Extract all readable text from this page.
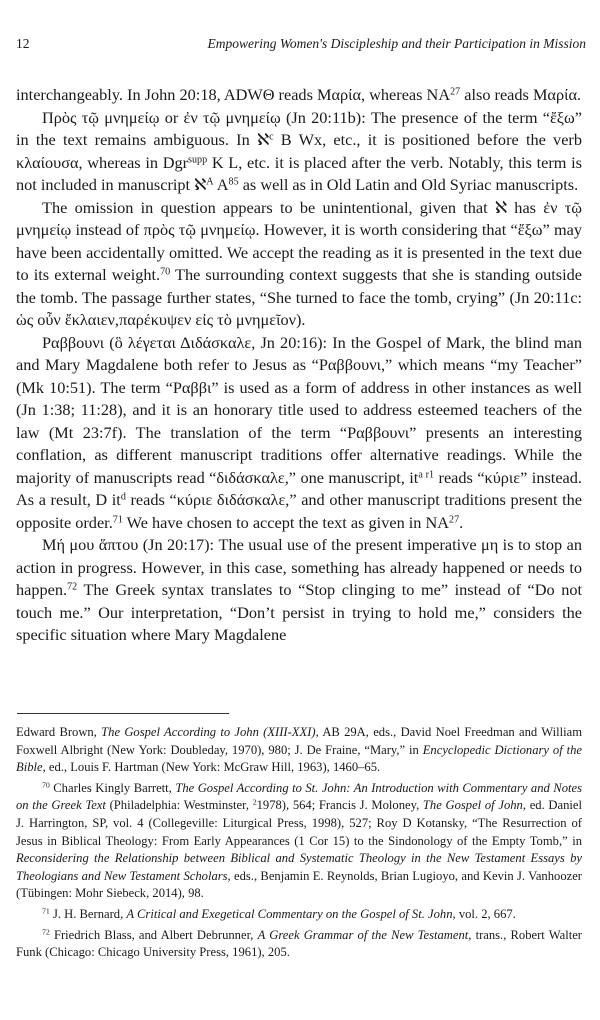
12	Empowering Women's Discipleship and their Participation in Mission

interchangeably. In John 20:18, ADWΘ reads Μαρία, whereas NA$^{27}$ also reads Μαρία.

Πρὸς τῷ μνημείῳ or ἐν τῷ μνημείῳ (Jn 20:11b): The presence of the term “ἔξω” in the text remains ambiguous. In ℵ$^c$ B Wx, etc., it is positioned before the verb κλαίουσα, whereas in Dgr$^{supp}$ K L, etc. it is placed after the verb. Notably, this term is not included in manuscript ℵ$^A$ $A^{85}$ as well as in Old Latin and Old Syriac manuscripts.

The omission in question appears to be unintentional, given that ℵ has ἐν τῷ μνημείῳ instead of πρὸς τῷ μνημείῳ. However, it is worth considering that “ἔξω” may have been accidentally omitted. We accept the reading as it is presented in the text due to its external weight.$^{70}$ The surrounding context suggests that she is standing outside the tomb. The passage further states, “She turned to face the tomb, crying” (Jn 20:11c: ὡς οὖν ἔκλαιεν,παρέκυψεν εἰς τὸ μνημεῖον).

Ραββουνι (ὃ λέγεται Διδάσκαλε, Jn 20:16): In the Gospel of Mark, the blind man and Mary Magdalene both refer to Jesus as “Ραββουνι,” which means “my Teacher” (Mk 10:51). The term “Ραββι” is used as a form of address in other instances as well (Jn 1:38; 11:28), and it is an honorary title used to address esteemed teachers of the law (Mt 23:7f). The translation of the term “Ραββουνι” presents an interesting conflation, as different manuscript traditions offer alternative readings. While the majority of manuscripts read “διδάσκαλε,” one manuscript, $it^{a r1}$ reads “κύριε” instead. As a result, D $it^d$ reads “κύριε διδάσκαλε,” and other manuscript traditions present the opposite order.$^{71}$ We have chosen to accept the text as given in NA$^{27}$.

Μή μου ἅπτου (Jn 20:17): The usual use of the present imperative μη is to stop an action in progress. However, in this case, something has already happened or needs to happen.$^{72}$ The Greek syntax translates to “Stop clinging to me” instead of “Do not touch me.” Our interpretation, “Don’t persist in trying to hold me,” considers the specific situation where Mary Magdalene

Edward Brown, The Gospel According to John (XIII-XXI), AB 29A, eds., David Noel Freedman and William Foxwell Albright (New York: Doubleday, 1970), 980; J. De Fraine, “Mary,” in Encyclopedic Dictionary of the Bible, ed., Louis F. Hartman (New York: McGraw Hill, 1963), 1460–65.

$^{70}$ Charles Kingly Barrett, The Gospel According to St. John: An Introduction with Commentary and Notes on the Greek Text (Philadelphia: Westminster, $^2$1978), 564; Francis J. Moloney, The Gospel of John, ed. Daniel J. Harrington, SP, vol. 4 (Collegeville: Liturgical Press, 1998), 527; Roy D Kotansky, “The Resurrection of Jesus in Biblical Theology: From Early Appearances (1 Cor 15) to the Sindonology of the Empty Tomb,” in Reconsidering the Relationship between Biblical and Systematic Theology in the New Testament Essays by Theologians and New Testament Scholars, eds., Benjamin E. Reynolds, Brian Lugioyo, and Kevin J. Vanhoozer (Tübingen: Mohr Siebeck, 2014), 98.

$^{71}$ J. H. Bernard, A Critical and Exegetical Commentary on the Gospel of St. John, vol. 2, 667.

$^{72}$ Friedrich Blass, and Albert Debrunner, A Greek Grammar of the New Testament, trans., Robert Walter Funk (Chicago: Chicago University Press, 1961), 205.
